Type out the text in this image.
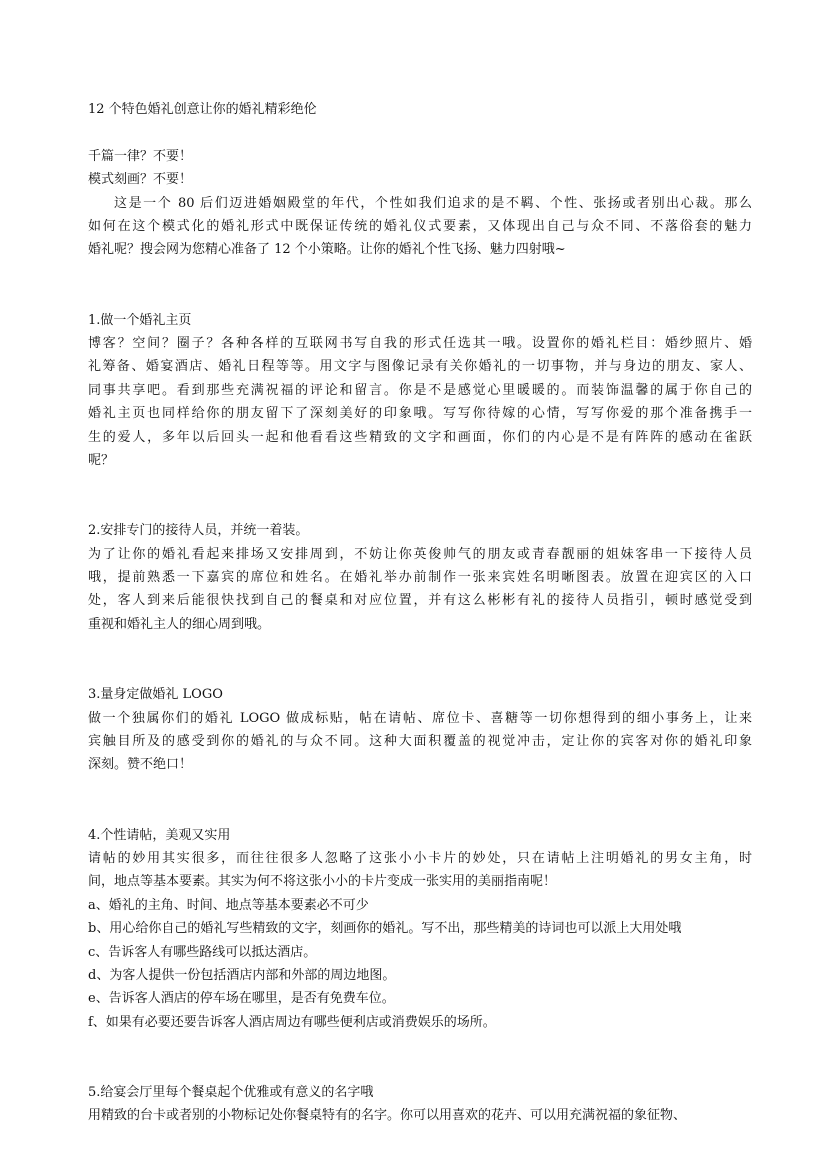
12 个特色婚礼创意让你的婚礼精彩绝伦
千篇一律？不要！
模式刻画？不要！
这是一个 80 后们迈进婚姻殿堂的年代，个性如我们追求的是不羁、个性、张扬或者别出心裁。那么
如何在这个模式化的婚礼形式中既保证传统的婚礼仪式要素，又体现出自己与众不同、不落俗套的魅力
婚礼呢？搜会网为您精心准备了 12 个小策略。让你的婚礼个性飞扬、魅力四射哦~
1.做一个婚礼主页
博客？空间？圈子？各种各样的互联网书写自我的形式任选其一哦。设置你的婚礼栏目：婚纱照片、婚
礼筹备、婚宴酒店、婚礼日程等等。用文字与图像记录有关你婚礼的一切事物，并与身边的朋友、家人、
同事共享吧。看到那些充满祝福的评论和留言。你是不是感觉心里暖暖的。而装饰温馨的属于你自己的
婚礼主页也同样给你的朋友留下了深刻美好的印象哦。写写你待嫁的心情，写写你爱的那个准备携手一
生的爱人，多年以后回头一起和他看看这些精致的文字和画面，你们的内心是不是有阵阵的感动在雀跃
呢？
2.安排专门的接待人员，并统一着装。
为了让你的婚礼看起来排场又安排周到，不妨让你英俊帅气的朋友或青春靓丽的姐妹客串一下接待人员
哦，提前熟悉一下嘉宾的席位和姓名。在婚礼举办前制作一张来宾姓名明晰图表。放置在迎宾区的入口
处，客人到来后能很快找到自己的餐桌和对应位置，并有这么彬彬有礼的接待人员指引，顿时感觉受到
重视和婚礼主人的细心周到哦。
3.量身定做婚礼 LOGO
做一个独属你们的婚礼 LOGO 做成标贴，帖在请帖、席位卡、喜糖等一切你想得到的细小事务上，让来
宾触目所及的感受到你的婚礼的与众不同。这种大面积覆盖的视觉冲击，定让你的宾客对你的婚礼印象
深刻。赞不绝口！
4.个性请帖，美观又实用
请帖的妙用其实很多，而往往很多人忽略了这张小小卡片的妙处，只在请帖上注明婚礼的男女主角，时
间，地点等基本要素。其实为何不将这张小小的卡片变成一张实用的美丽指南呢！
a、婚礼的主角、时间、地点等基本要素必不可少
b、用心给你自己的婚礼写些精致的文字，刻画你的婚礼。写不出，那些精美的诗词也可以派上大用处哦
c、告诉客人有哪些路线可以抵达酒店。
d、为客人提供一份包括酒店内部和外部的周边地图。
e、告诉客人酒店的停车场在哪里，是否有免费车位。
f、如果有必要还要告诉客人酒店周边有哪些便利店或消费娱乐的场所。
5.给宴会厅里每个餐桌起个优雅或有意义的名字哦
用精致的台卡或者别的小物标记处你餐桌特有的名字。你可以用喜欢的花卉、可以用充满祝福的象征物、
